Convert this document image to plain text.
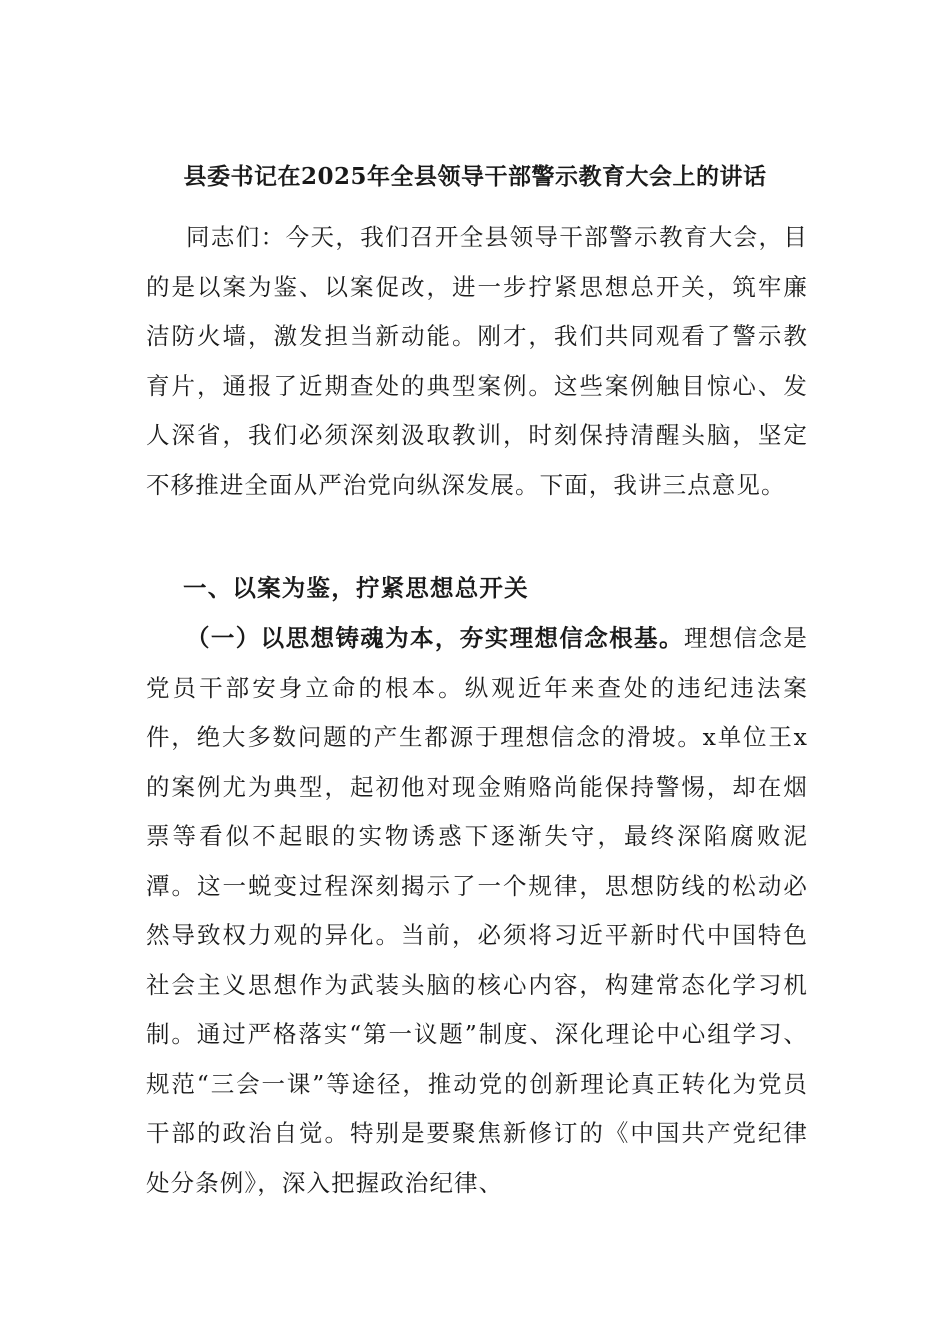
县委书记在2025年全县领导干部警示教育大会上的讲话
同志们：今天，我们召开全县领导干部警示教育大会，目的是以案为鉴、以案促改，进一步拧紧思想总开关，筑牢廉洁防火墙，激发担当新动能。刚才，我们共同观看了警示教育片，通报了近期查处的典型案例。这些案例触目惊心、发人深省，我们必须深刻汲取教训，时刻保持清醒头脑，坚定不移推进全面从严治党向纵深发展。下面，我讲三点意见。
一、以案为鉴，拧紧思想总开关
（一）以思想铸魂为本，夯实理想信念根基。理想信念是党员干部安身立命的根本。纵观近年来查处的违纪违法案件，绝大多数问题的产生都源于理想信念的滑坡。x单位王x的案例尤为典型，起初他对现金贿赂尚能保持警惕，却在烟票等看似不起眼的实物诱惑下逐渐失守，最终深陷腐败泥潭。这一蜕变过程深刻揭示了一个规律，思想防线的松动必然导致权力观的异化。当前，必须将习近平新时代中国特色社会主义思想作为武装头脑的核心内容，构建常态化学习机制。通过严格落实“第一议题”制度、深化理论中心组学习、规范“三会一课”等途径，推动党的创新理论真正转化为党员干部的政治自觉。特别是要聚焦新修订的《中国共产党纪律处分条例》，深入把握政治纪律、
